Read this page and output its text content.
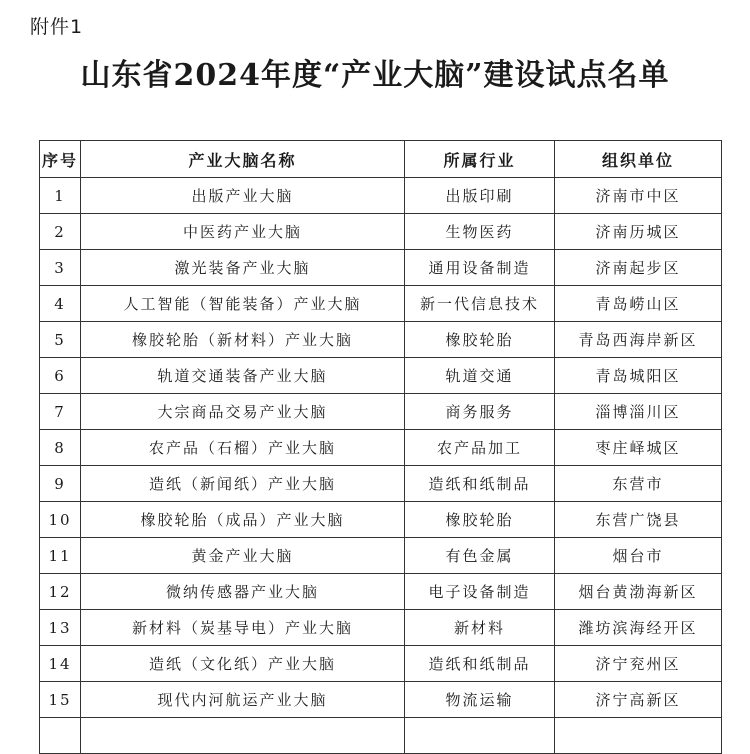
附件1
山东省2024年度“产业大脑”建设试点名单
序号	产业大脑名称	所属行业	组织单位
1	出版产业大脑	出版印刷	济南市中区
2	中医药产业大脑	生物医药	济南历城区
3	激光装备产业大脑	通用设备制造	济南起步区
4	人工智能（智能装备）产业大脑	新一代信息技术	青岛崂山区
5	橡胶轮胎（新材料）产业大脑	橡胶轮胎	青岛西海岸新区
6	轨道交通装备产业大脑	轨道交通	青岛城阳区
7	大宗商品交易产业大脑	商务服务	淄博淄川区
8	农产品（石榴）产业大脑	农产品加工	枣庄峄城区
9	造纸（新闻纸）产业大脑	造纸和纸制品	东营市
10	橡胶轮胎（成品）产业大脑	橡胶轮胎	东营广饶县
11	黄金产业大脑	有色金属	烟台市
12	微纳传感器产业大脑	电子设备制造	烟台黄渤海新区
13	新材料（炭基导电）产业大脑	新材料	潍坊滨海经开区
14	造纸（文化纸）产业大脑	造纸和纸制品	济宁兖州区
15	现代内河航运产业大脑	物流运输	济宁高新区
